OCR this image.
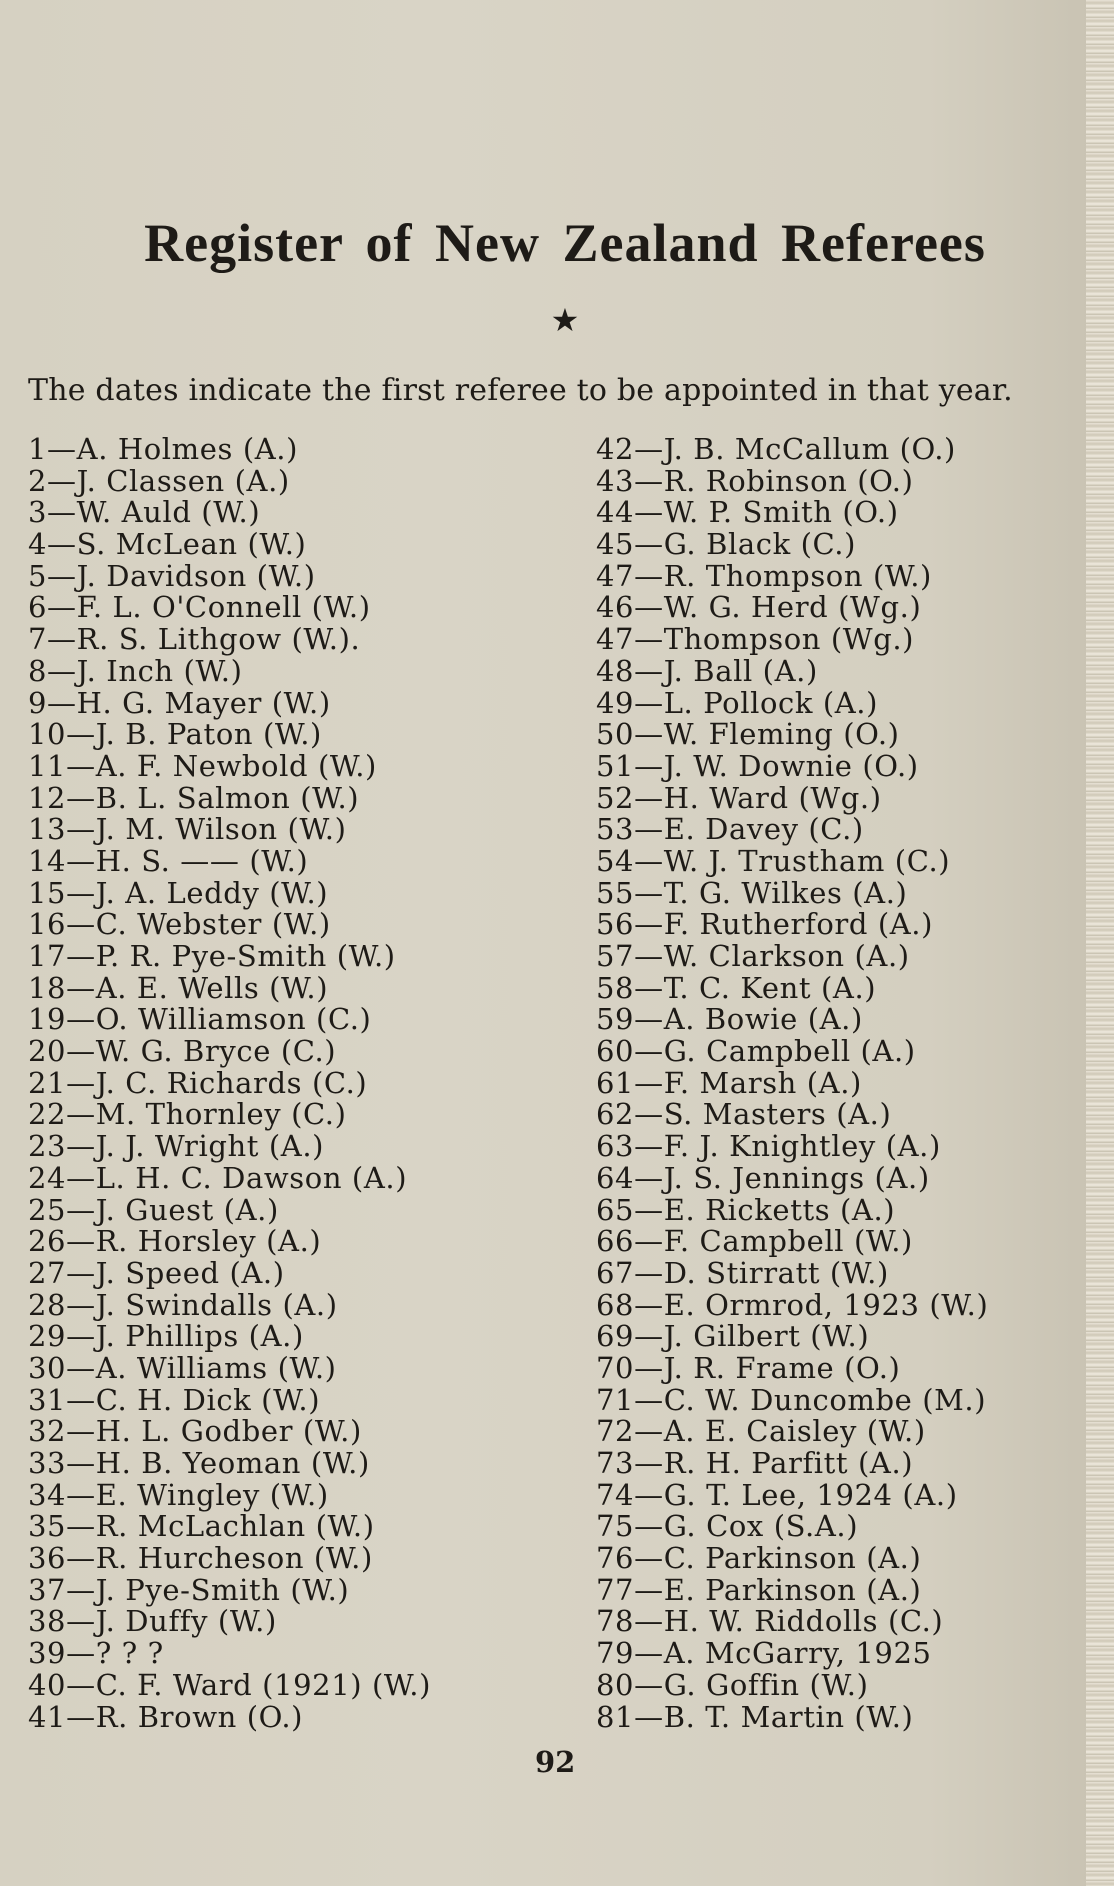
Register of New Zealand Referees
★

The dates indicate the first referee to be appointed in that year.

1—A. Holmes (A.)
2—J. Classen (A.)
3—W. Auld (W.)
4—S. McLean (W.)
5—J. Davidson (W.)
6—F. L. O'Connell (W.)
7—R. S. Lithgow (W.).
8—J. Inch (W.)
9—H. G. Mayer (W.)
10—J. B. Paton (W.)
11—A. F. Newbold (W.)
12—B. L. Salmon (W.)
13—J. M. Wilson (W.)
14—H. S. —— (W.)
15—J. A. Leddy (W.)
16—C. Webster (W.)
17—P. R. Pye-Smith (W.)
18—A. E. Wells (W.)
19—O. Williamson (C.)
20—W. G. Bryce (C.)
21—J. C. Richards (C.)
22—M. Thornley (C.)
23—J. J. Wright (A.)
24—L. H. C. Dawson (A.)
25—J. Guest (A.)
26—R. Horsley (A.)
27—J. Speed (A.)
28—J. Swindalls (A.)
29—J. Phillips (A.)
30—A. Williams (W.)
31—C. H. Dick (W.)
32—H. L. Godber (W.)
33—H. B. Yeoman (W.)
34—E. Wingley (W.)
35—R. McLachlan (W.)
36—R. Hurcheson (W.)
37—J. Pye-Smith (W.)
38—J. Duffy (W.)
39—? ? ?
40—C. F. Ward (1921) (W.)
41—R. Brown (O.)
42—J. B. McCallum (O.)
43—R. Robinson (O.)
44—W. P. Smith (O.)
45—G. Black (C.)
47—R. Thompson (W.)
46—W. G. Herd (Wg.)
47—Thompson (Wg.)
48—J. Ball (A.)
49—L. Pollock (A.)
50—W. Fleming (O.)
51—J. W. Downie (O.)
52—H. Ward (Wg.)
53—E. Davey (C.)
54—W. J. Trustham (C.)
55—T. G. Wilkes (A.)
56—F. Rutherford (A.)
57—W. Clarkson (A.)
58—T. C. Kent (A.)
59—A. Bowie (A.)
60—G. Campbell (A.)
61—F. Marsh (A.)
62—S. Masters (A.)
63—F. J. Knightley (A.)
64—J. S. Jennings (A.)
65—E. Ricketts (A.)
66—F. Campbell (W.)
67—D. Stirratt (W.)
68—E. Ormrod, 1923 (W.)
69—J. Gilbert (W.)
70—J. R. Frame (O.)
71—C. W. Duncombe (M.)
72—A. E. Caisley (W.)
73—R. H. Parfitt (A.)
74—G. T. Lee, 1924 (A.)
75—G. Cox (S.A.)
76—C. Parkinson (A.)
77—E. Parkinson (A.)
78—H. W. Riddolls (C.)
79—A. McGarry, 1925
80—G. Goffin (W.)
81—B. T. Martin (W.)
92
